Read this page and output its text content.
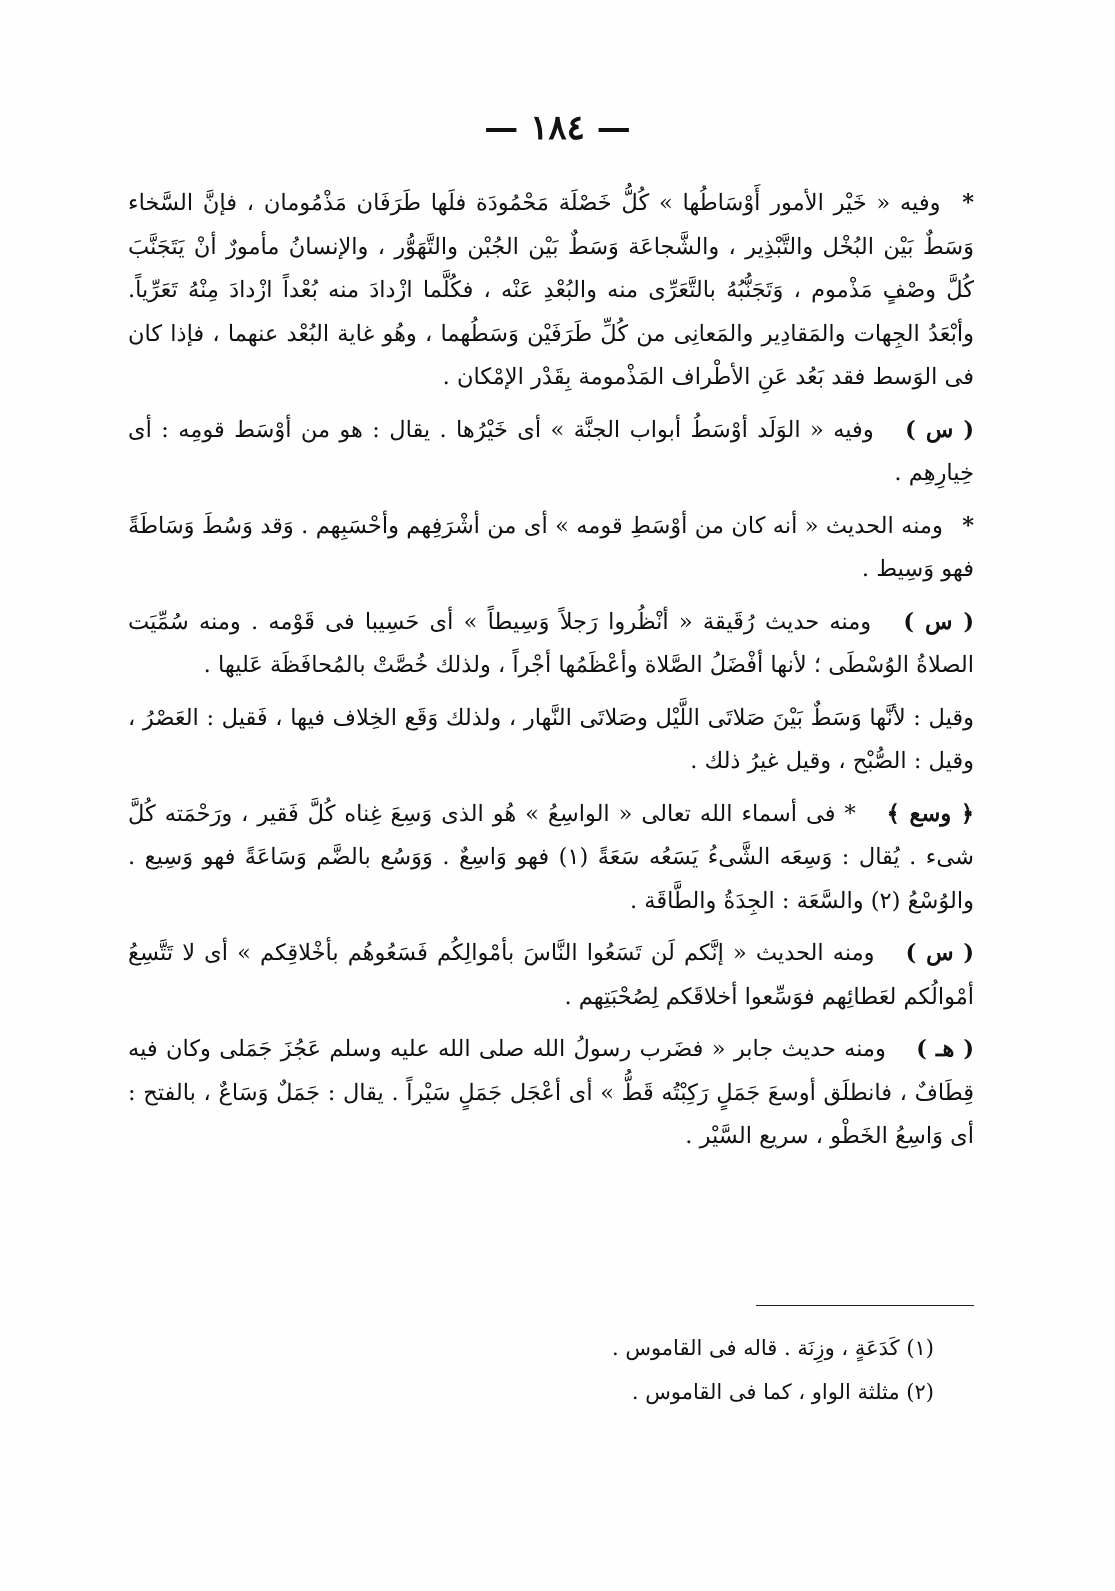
— ١٨٤ —

* وفيه « خَيْر الأمور أَوْسَاطُها » كُلُّ خَصْلَة مَحْمُودَة فلَها طَرَفَان مَذْمُومان ، فإنَّ السَّخاء وَسَطٌ بَيْن البُخْل والتَّبْذِير ، والشَّجاعَة وَسَطٌ بَيْن الجُبْن والتَّهَوُّر ، والإنسانُ مأمورٌ أنْ يَتَجَنَّبَ كُلَّ وصْفٍ مَذْموم ، وَتَجَنُّبُهُ بالتَّعَرِّى منه والبُعْدِ عَنْه ، فكُلَّما ازْدادَ منه بُعْداً ازْدادَ مِنْهُ تَعَرِّياً. وأبْعَدُ الجِهات والمَقادِير والمَعانِى من كُلِّ طَرَفَيْن وَسَطُهما ، وهُو غاية البُعْد عنهما ، فإذا كان فى الوَسط فقد بَعُد عَنِ الأطْراف المَذْمومة بِقَدْر الإمْكان .

( س ) وفيه « الوَلَد أوْسَطُ أبواب الجنَّة » أى خَيْرُها . يقال : هو من أوْسَط قومِه : أى خِيارِهِم .

* ومنه الحديث « أنه كان من أوْسَطِ قومه » أى من أشْرَفِهم وأحْسَبِهم . وَقد وَسُطَ وَسَاطَةً فهو وَسِيط .

( س ) ومنه حديث رُقَيقة « أنْظُروا رَجلاً وَسِيطاً » أى حَسِيبا فى قَوْمه . ومنه سُمِّيَت الصلاةُ الوُسْطَى ؛ لأنها أفْضَلُ الصَّلاة وأعْظَمُها أجْراً ، ولذلك خُصَّتْ بالمُحافَظَة عَليها .

وقيل : لأنَّها وَسَطٌ بَيْنَ صَلاتَى اللَّيْل وصَلاتَى النَّهار ، ولذلك وَقَع الخِلاف فيها ، فَقيل : العَصْرُ ، وقيل : الصُّبْح ، وقيل غيرُ ذلك .

﴿ وسع ﴾ * فى أسماء الله تعالى « الواسِعُ » هُو الذى وَسِعَ غِناه كُلَّ فَقير ، ورَحْمَته كُلَّ شىء . يُقال : وَسِعَه الشَّىءُ يَسَعُه سَعَةً (١) فهو وَاسِعٌ . وَوَسُع بالضَّم وَسَاعَةً فهو وَسِيع . والوُسْعُ (٢) والسَّعَة : الجِدَةُ والطَّاقَة .

( س ) ومنه الحديث « إنَّكم لَن تَسَعُوا النَّاسَ بأمْوالِكُم فَسَعُوهُم بأخْلاقِكم » أى لا تَتَّسِعُ أمْوالُكم لعَطائِهم فوَسِّعوا أخلاقَكم لِصُحْبَتِهم .

( هـ ) ومنه حديث جابر « فضَرب رسولُ الله صلى الله عليه وسلم عَجُزَ جَمَلى وكان فيه قِطَافٌ ، فانطلَق أوسعَ جَمَلٍ رَكِبْتُه قَطُّ » أى أعْجَل جَمَلٍ سَيْراً . يقال : جَمَلٌ وَسَاعٌ ، بالفتح : أى وَاسِعُ الخَطْو ، سريع السَّيْر .

(١) كَدَعَةٍ ، وزِنَة . قاله فى القاموس .

(٢) مثلثة الواو ، كما فى القاموس .
